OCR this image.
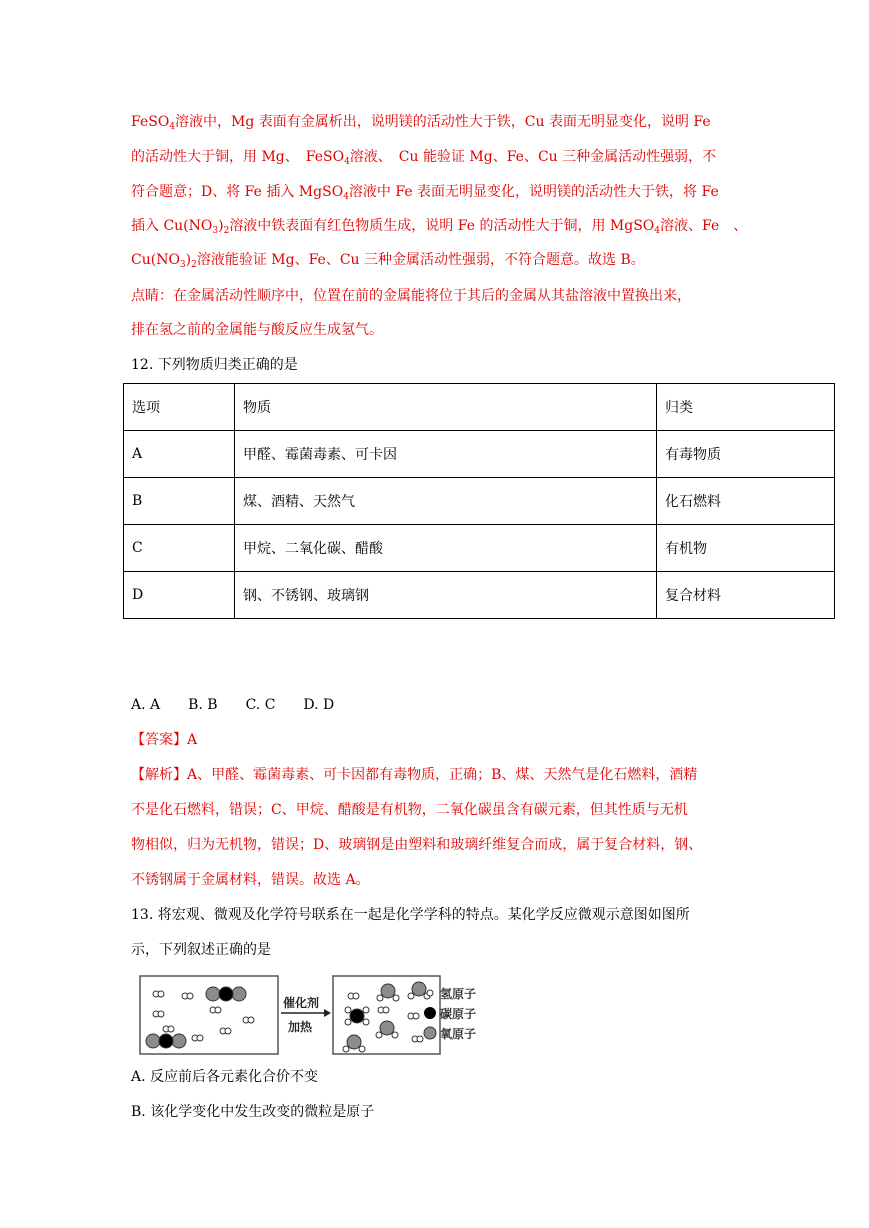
FeSO$_4$溶液中，Mg 表面有金属析出，说明镁的活动性大于铁，Cu 表面无明显变化，说明 Fe
的活动性大于铜，用 Mg、　FeSO$_4$溶液、　Cu 能验证 Mg、Fe、Cu 三种金属活动性强弱，不
符合题意；D、将 Fe 插入 MgSO$_4$溶液中 Fe 表面无明显变化，说明镁的活动性大于铁，将 Fe
插入 $Cu(NO_3)_2$溶液中铁表面有红色物质生成，说明 Fe 的活动性大于铜，用 MgSO$_4$溶液、Fe　、
$Cu(NO_3)_2$溶液能验证 Mg、Fe、Cu 三种金属活动性强弱，不符合题意。故选 B。
点睛：在金属活动性顺序中，位置在前的金属能将位于其后的金属从其盐溶液中置换出来，
排在氢之前的金属能与酸反应生成氢气。
12. 下列物质归类正确的是
选项	物质	归类
A	甲醛、霉菌毒素、可卡因	有毒物质
B	煤、酒精、天然气	化石燃料
C	甲烷、二氧化碳、醋酸	有机物
D	钢、不锈钢、玻璃钢	复合材料
A. A　　B. B　　C. C　　D. D
【答案】A
【解析】A、甲醛、霉菌毒素、可卡因都有毒物质，正确；B、煤、天然气是化石燃料，酒精
不是化石燃料，错误；C、甲烷、醋酸是有机物，二氧化碳虽含有碳元素，但其性质与无机
物相似，归为无机物，错误；D、玻璃钢是由塑料和玻璃纤维复合而成，属于复合材料，钢、
不锈钢属于金属材料，错误。故选 A。
13. 将宏观、微观及化学符号联系在一起是化学学科的特点。某化学反应微观示意图如图所
示，下列叙述正确的是
催化剂
加热
氢原子
碳原子
氧原子
A. 反应前后各元素化合价不变
B. 该化学变化中发生改变的微粒是原子
